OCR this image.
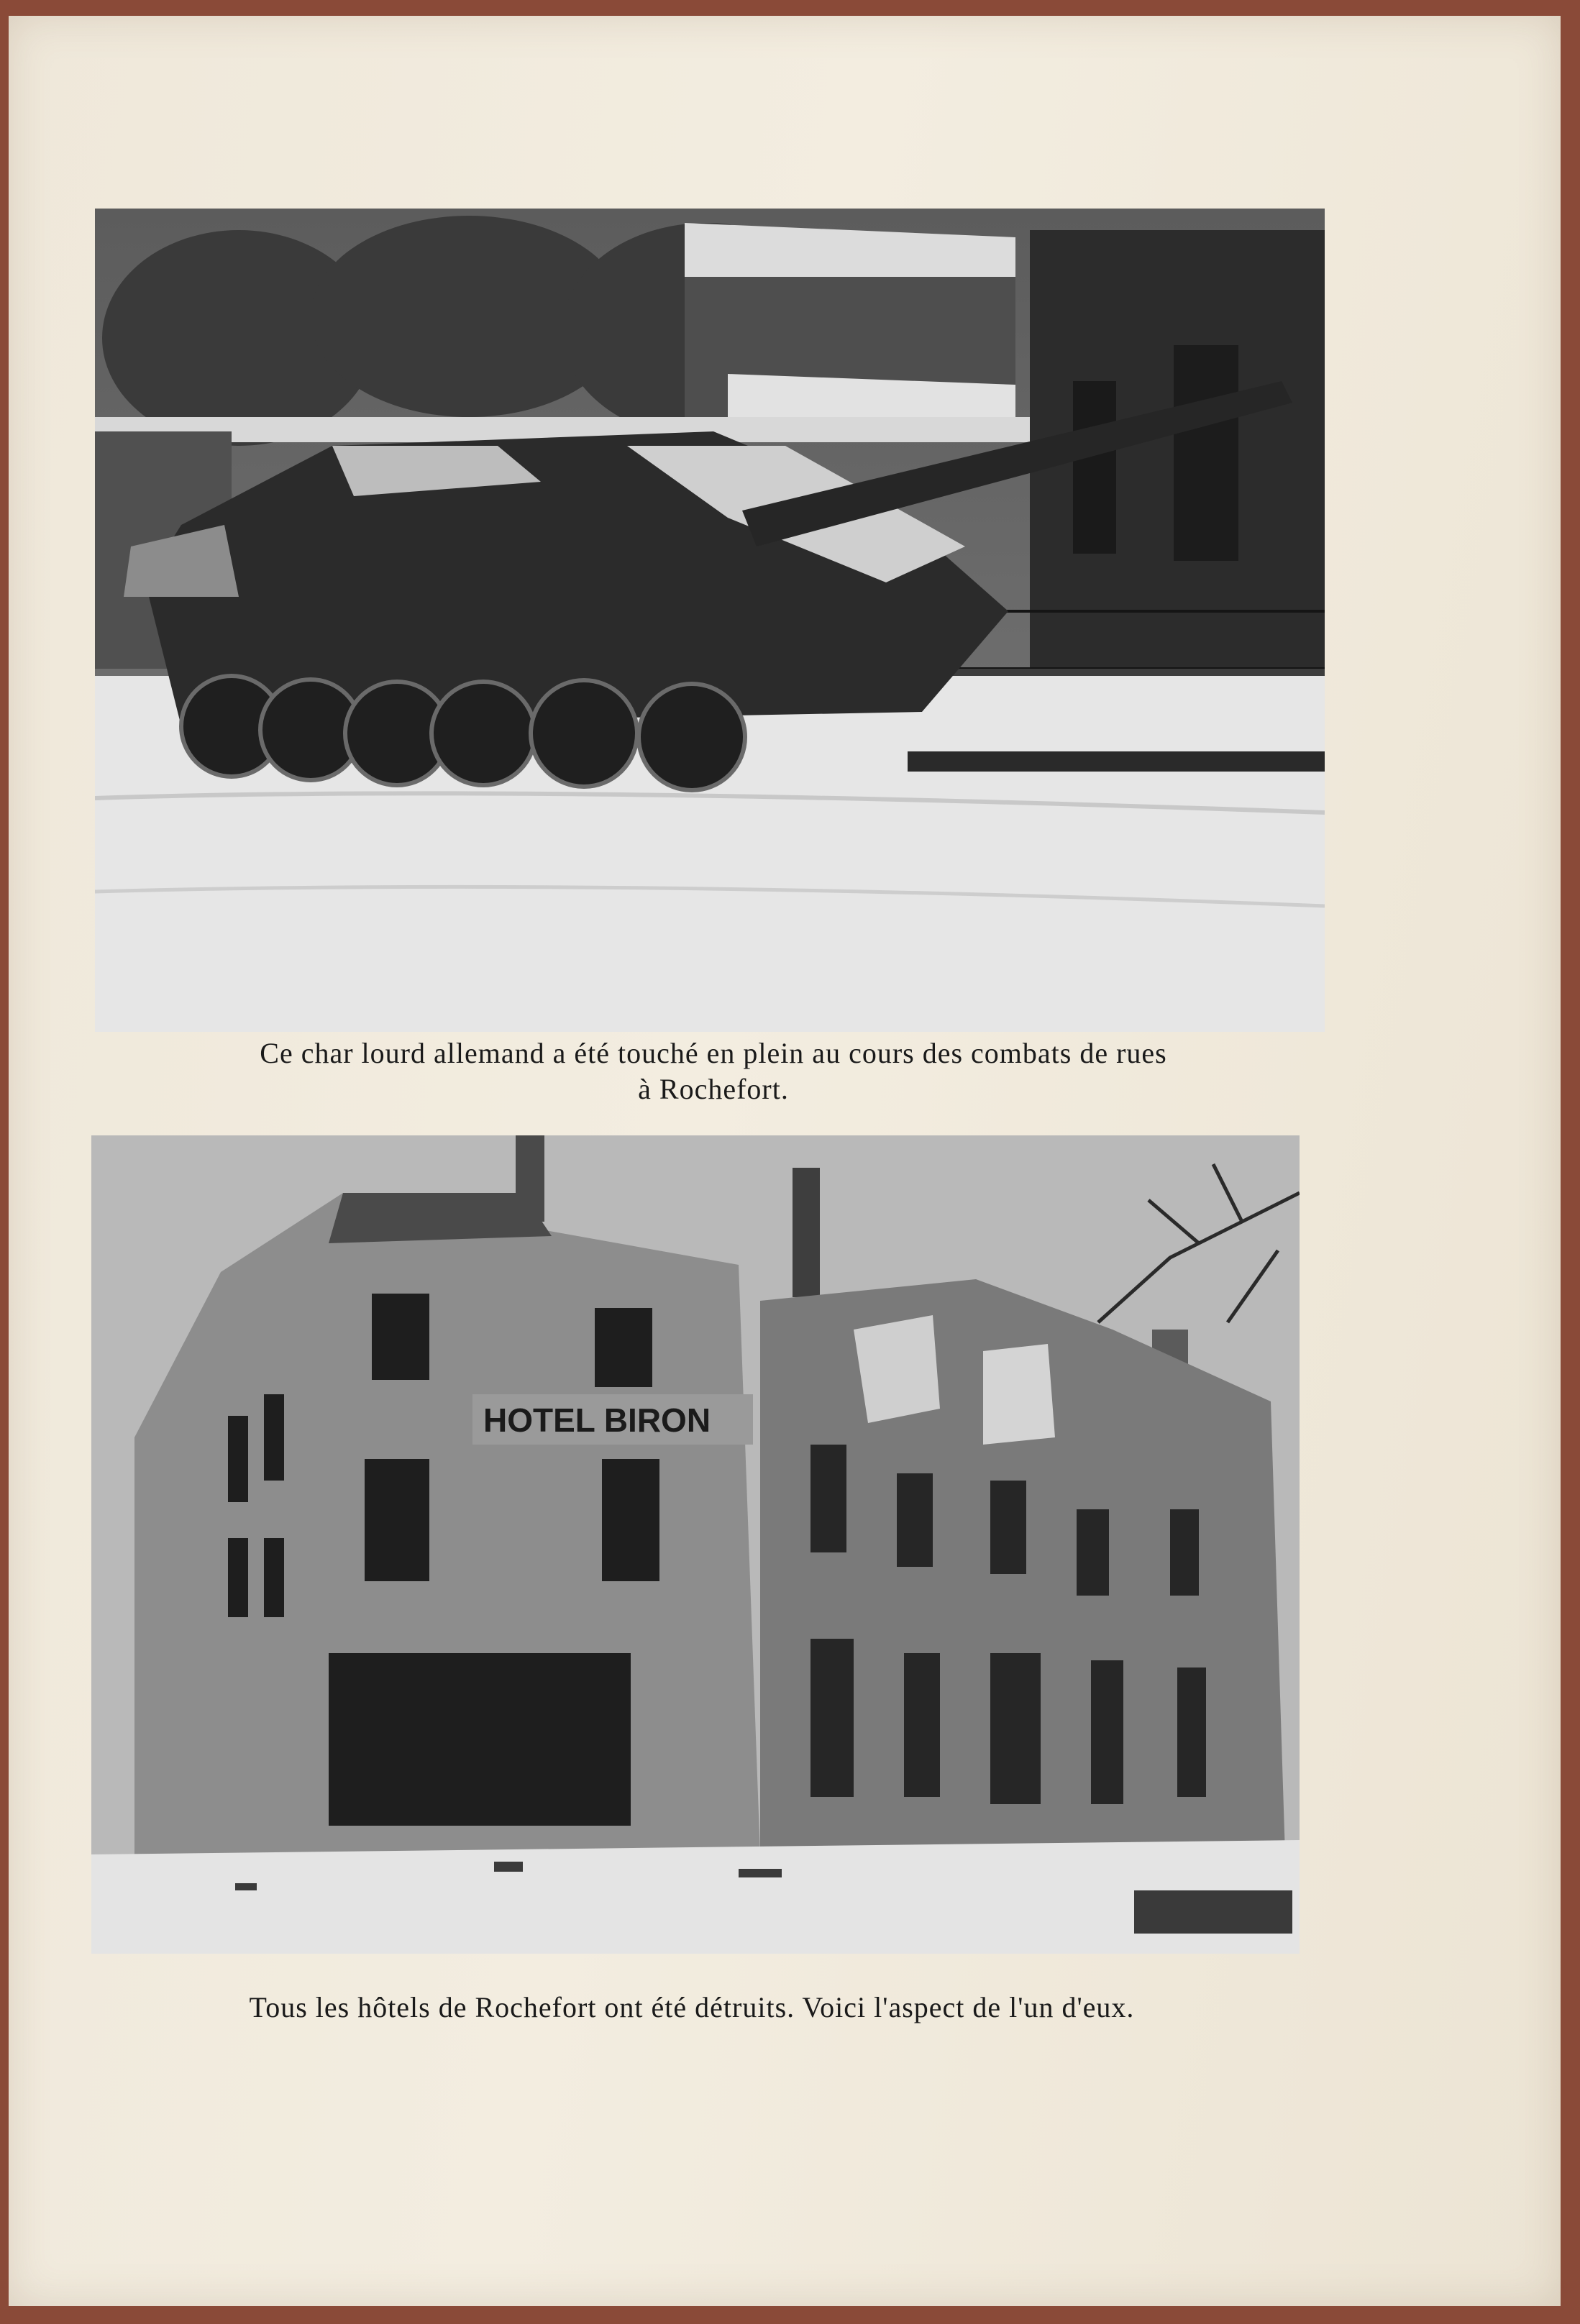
Ce char lourd allemand a été touché en plein au cours des combats de rues
à Rochefort.
HOTEL BIRON
Tous les hôtels de Rochefort ont été détruits. Voici l'aspect de l'un d'eux.
